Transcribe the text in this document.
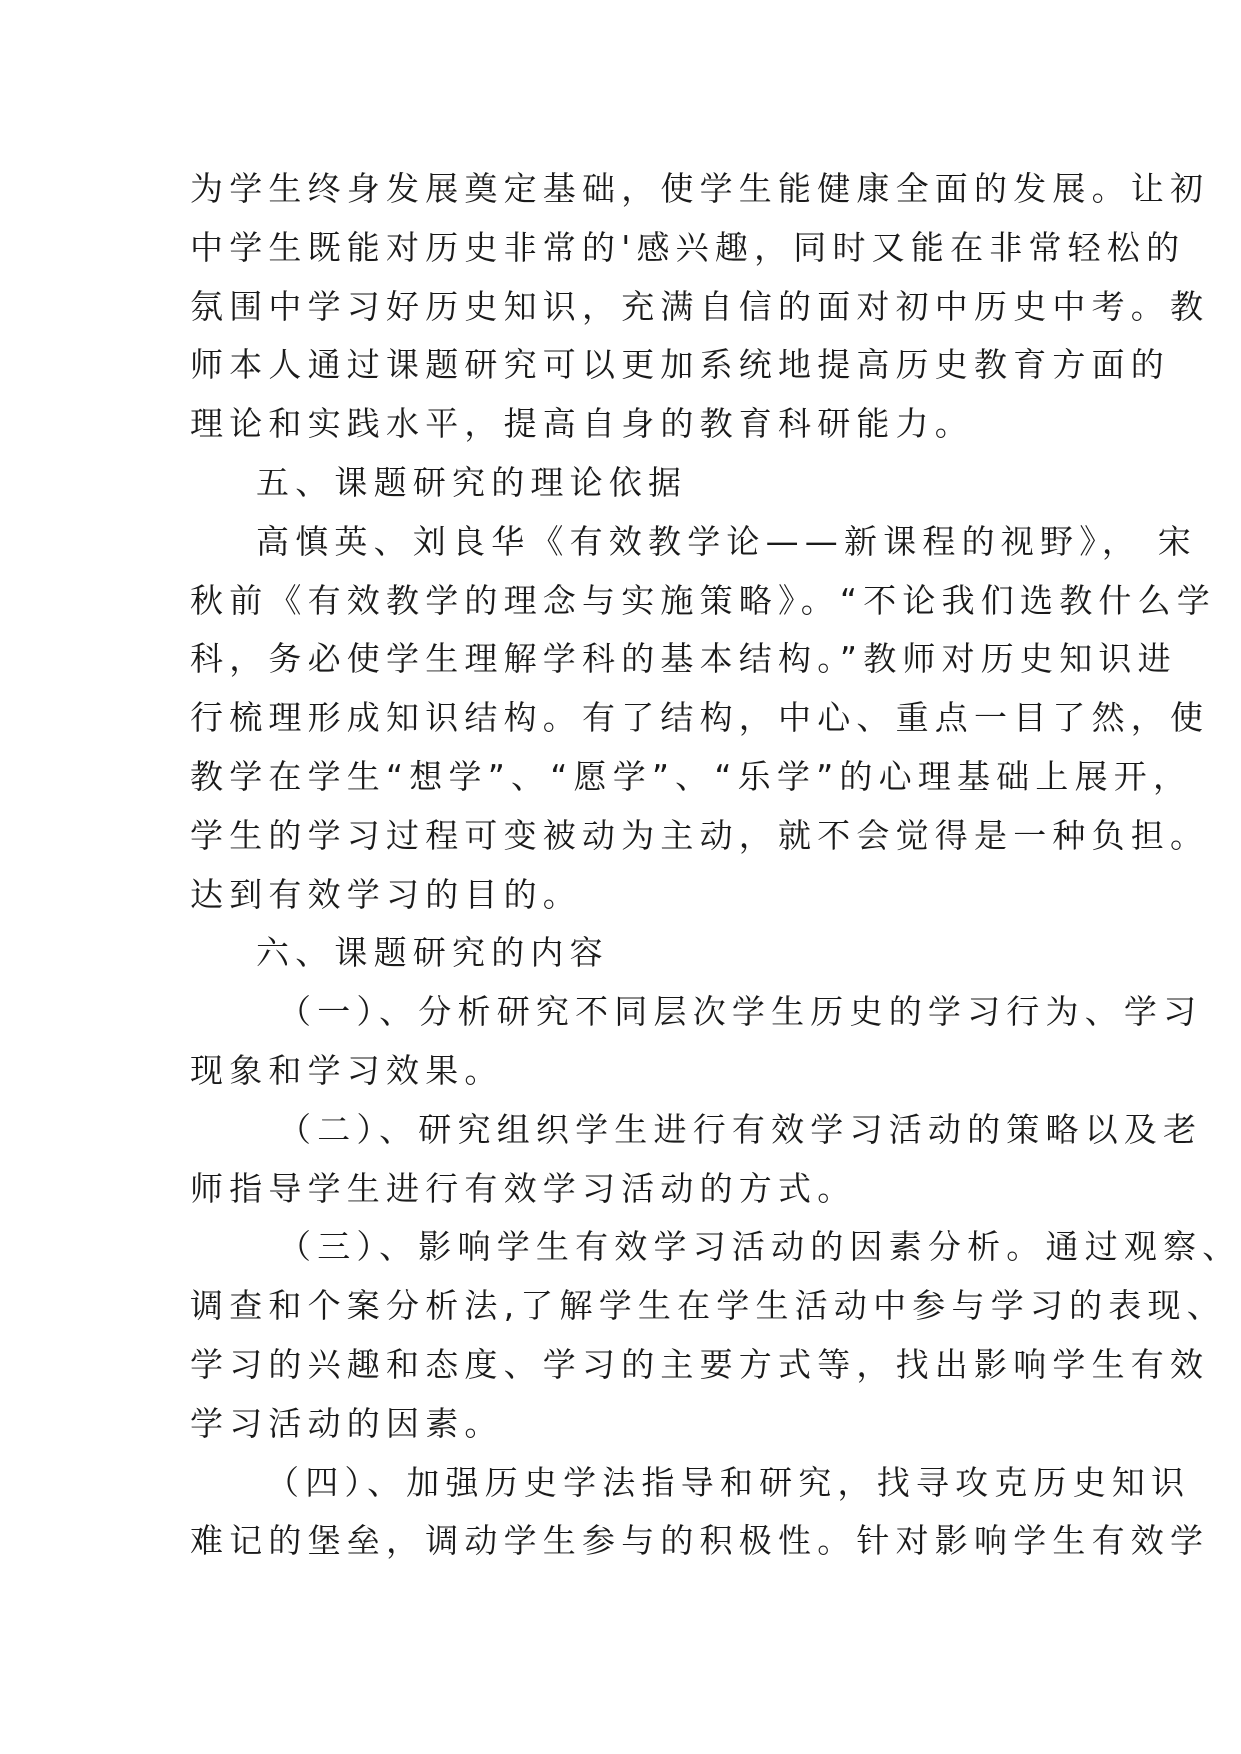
为学生终身发展奠定基础，使学生能健康全面的发展。让初
中学生既能对历史非常的'感兴趣，同时又能在非常轻松的
氛围中学习好历史知识，充满自信的面对初中历史中考。教
师本人通过课题研究可以更加系统地提高历史教育方面的
理论和实践水平，提高自身的教育科研能力。

五、课题研究的理论依据

高慎英、刘良华《有效教学论——新课程的视野》， 宋
秋前《有效教学的理念与实施策略》。“不论我们选教什么学
科，务必使学生理解学科的基本结构。”教师对历史知识进
行梳理形成知识结构。有了结构，中心、重点一目了然，使
教学在学生“想学”、“愿学”、“乐学”的心理基础上展开，
学生的学习过程可变被动为主动，就不会觉得是一种负担。
达到有效学习的目的。

六、课题研究的内容

（一）、分析研究不同层次学生历史的学习行为、学习
现象和学习效果。

（二）、研究组织学生进行有效学习活动的策略以及老
师指导学生进行有效学习活动的方式。

（三）、影响学生有效学习活动的因素分析。通过观察、
调查和个案分析法,了解学生在学生活动中参与学习的表现、
学习的兴趣和态度、学习的主要方式等，找出影响学生有效
学习活动的因素。

（四）、加强历史学法指导和研究，找寻攻克历史知识
难记的堡垒，调动学生参与的积极性。针对影响学生有效学
